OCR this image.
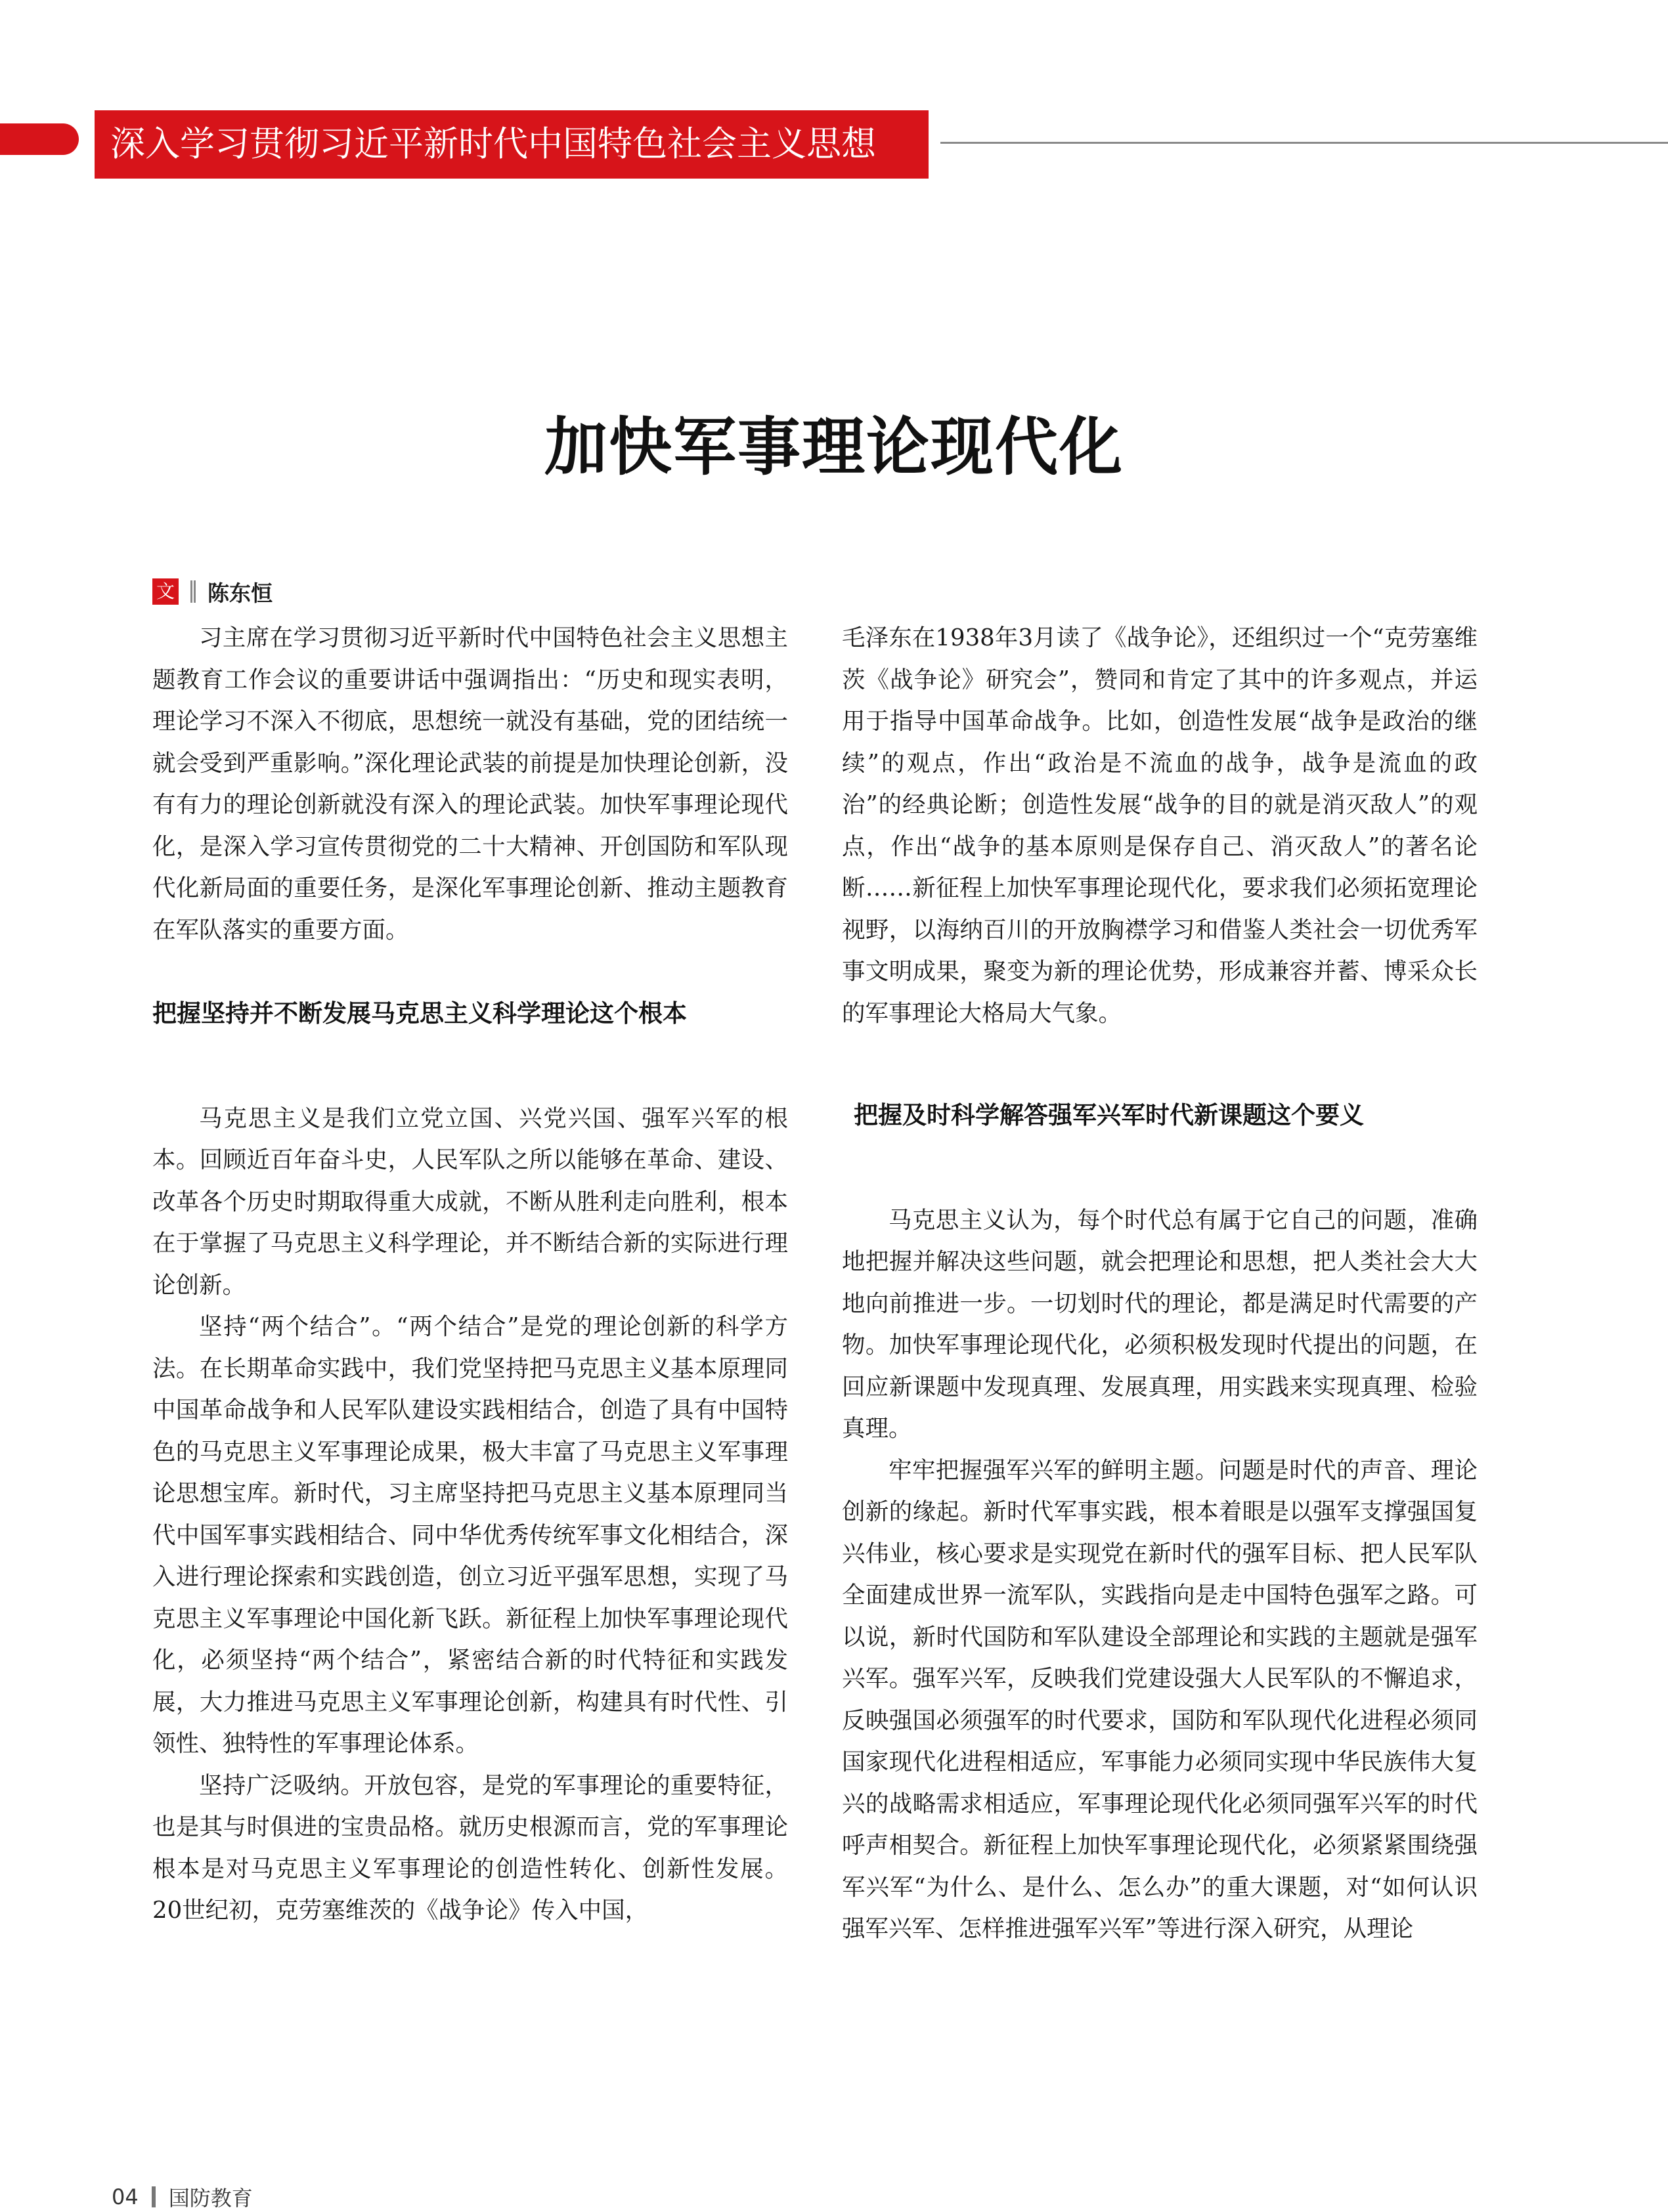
深入学习贯彻习近平新时代中国特色社会主义思想
加快军事理论现代化
文 陈东恒

习主席在学习贯彻习近平新时代中国特色社会主义思想主题教育工作会议的重要讲话中强调指出：“历史和现实表明，理论学习不深入不彻底，思想统一就没有基础，党的团结统一就会受到严重影响。”深化理论武装的前提是加快理论创新，没有有力的理论创新就没有深入的理论武装。加快军事理论现代化，是深入学习宣传贯彻党的二十大精神、开创国防和军队现代化新局面的重要任务，是深化军事理论创新、推动主题教育在军队落实的重要方面。

把握坚持并不断发展马克思主义科学理论这个根本

马克思主义是我们立党立国、兴党兴国、强军兴军的根本。回顾近百年奋斗史，人民军队之所以能够在革命、建设、改革各个历史时期取得重大成就，不断从胜利走向胜利，根本在于掌握了马克思主义科学理论，并不断结合新的实际进行理论创新。

坚持“两个结合”。“两个结合”是党的理论创新的科学方法。在长期革命实践中，我们党坚持把马克思主义基本原理同中国革命战争和人民军队建设实践相结合，创造了具有中国特色的马克思主义军事理论成果，极大丰富了马克思主义军事理论思想宝库。新时代，习主席坚持把马克思主义基本原理同当代中国军事实践相结合、同中华优秀传统军事文化相结合，深入进行理论探索和实践创造，创立习近平强军思想，实现了马克思主义军事理论中国化新飞跃。新征程上加快军事理论现代化，必须坚持“两个结合”，紧密结合新的时代特征和实践发展，大力推进马克思主义军事理论创新，构建具有时代性、引领性、独特性的军事理论体系。

坚持广泛吸纳。开放包容，是党的军事理论的重要特征，也是其与时俱进的宝贵品格。就历史根源而言，党的军事理论根本是对马克思主义军事理论的创造性转化、创新性发展。20世纪初，克劳塞维茨的《战争论》传入中国，

毛泽东在1938年3月读了《战争论》，还组织过一个“克劳塞维茨《战争论》研究会”，赞同和肯定了其中的许多观点，并运用于指导中国革命战争。比如，创造性发展“战争是政治的继续”的观点，作出“政治是不流血的战争，战争是流血的政治”的经典论断；创造性发展“战争的目的就是消灭敌人”的观点，作出“战争的基本原则是保存自己、消灭敌人”的著名论断……新征程上加快军事理论现代化，要求我们必须拓宽理论视野，以海纳百川的开放胸襟学习和借鉴人类社会一切优秀军事文明成果，聚变为新的理论优势，形成兼容并蓄、博采众长的军事理论大格局大气象。

把握及时科学解答强军兴军时代新课题这个要义

马克思主义认为，每个时代总有属于它自己的问题，准确地把握并解决这些问题，就会把理论和思想，把人类社会大大地向前推进一步。一切划时代的理论，都是满足时代需要的产物。加快军事理论现代化，必须积极发现时代提出的问题，在回应新课题中发现真理、发展真理，用实践来实现真理、检验真理。

牢牢把握强军兴军的鲜明主题。问题是时代的声音、理论创新的缘起。新时代军事实践，根本着眼是以强军支撑强国复兴伟业，核心要求是实现党在新时代的强军目标、把人民军队全面建成世界一流军队，实践指向是走中国特色强军之路。可以说，新时代国防和军队建设全部理论和实践的主题就是强军兴军。强军兴军，反映我们党建设强大人民军队的不懈追求，反映强国必须强军的时代要求，国防和军队现代化进程必须同国家现代化进程相适应，军事能力必须同实现中华民族伟大复兴的战略需求相适应，军事理论现代化必须同强军兴军的时代呼声相契合。新征程上加快军事理论现代化，必须紧紧围绕强军兴军“为什么、是什么、怎么办”的重大课题，对“如何认识强军兴军、怎样推进强军兴军”等进行深入研究，从理论

04 国防教育
